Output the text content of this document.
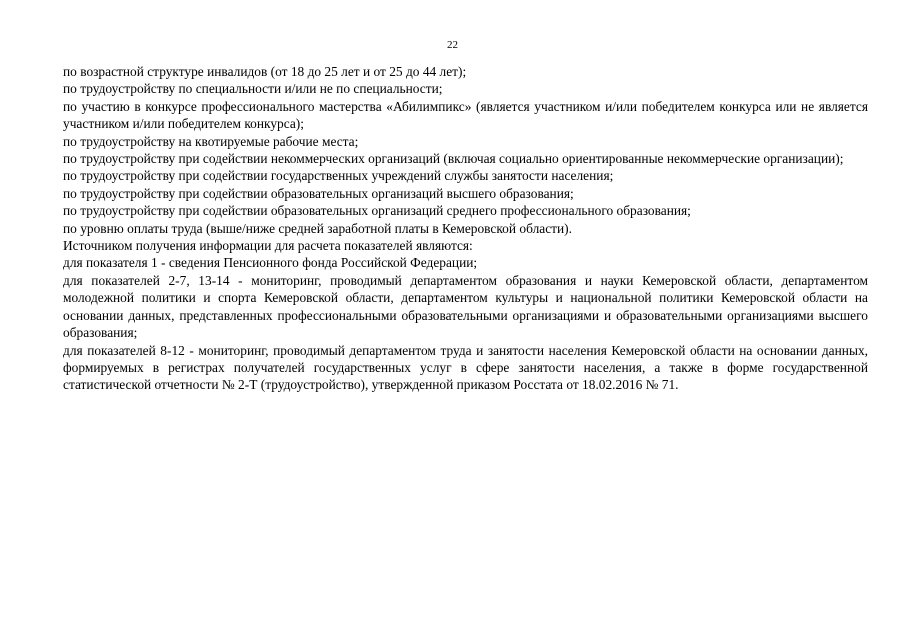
22

по возрастной структуре инвалидов (от 18 до 25 лет и от 25 до 44 лет);

по трудоустройству по специальности и/или не по специальности;

по участию в конкурсе профессионального мастерства «Абилимпикс» (является участником и/или победителем конкурса или не является участником и/или победителем конкурса);

по трудоустройству на квотируемые рабочие места;

по трудоустройству при содействии некоммерческих организаций (включая социально ориентированные некоммерческие организации);

по трудоустройству при содействии государственных учреждений службы занятости населения;

по трудоустройству при содействии образовательных организаций высшего образования;

по трудоустройству при содействии образовательных организаций среднего профессионального образования;

по уровню оплаты труда (выше/ниже средней заработной платы в Кемеровской области).

Источником получения информации для расчета показателей являются:

для показателя 1 - сведения Пенсионного фонда Российской Федерации;

для показателей 2-7, 13-14 - мониторинг, проводимый департаментом образования и науки Кемеровской области, департаментом молодежной политики и спорта Кемеровской области, департаментом культуры и национальной политики Кемеровской области на основании данных, представленных профессиональными образовательными организациями и образовательными организациями высшего образования;

для показателей 8-12 - мониторинг, проводимый департаментом труда и занятости населения Кемеровской области на основании данных, формируемых в регистрах получателей государственных услуг в сфере занятости населения, а также в форме государственной статистической отчетности № 2-Т (трудоустройство), утвержденной приказом Росстата от 18.02.2016 № 71.
